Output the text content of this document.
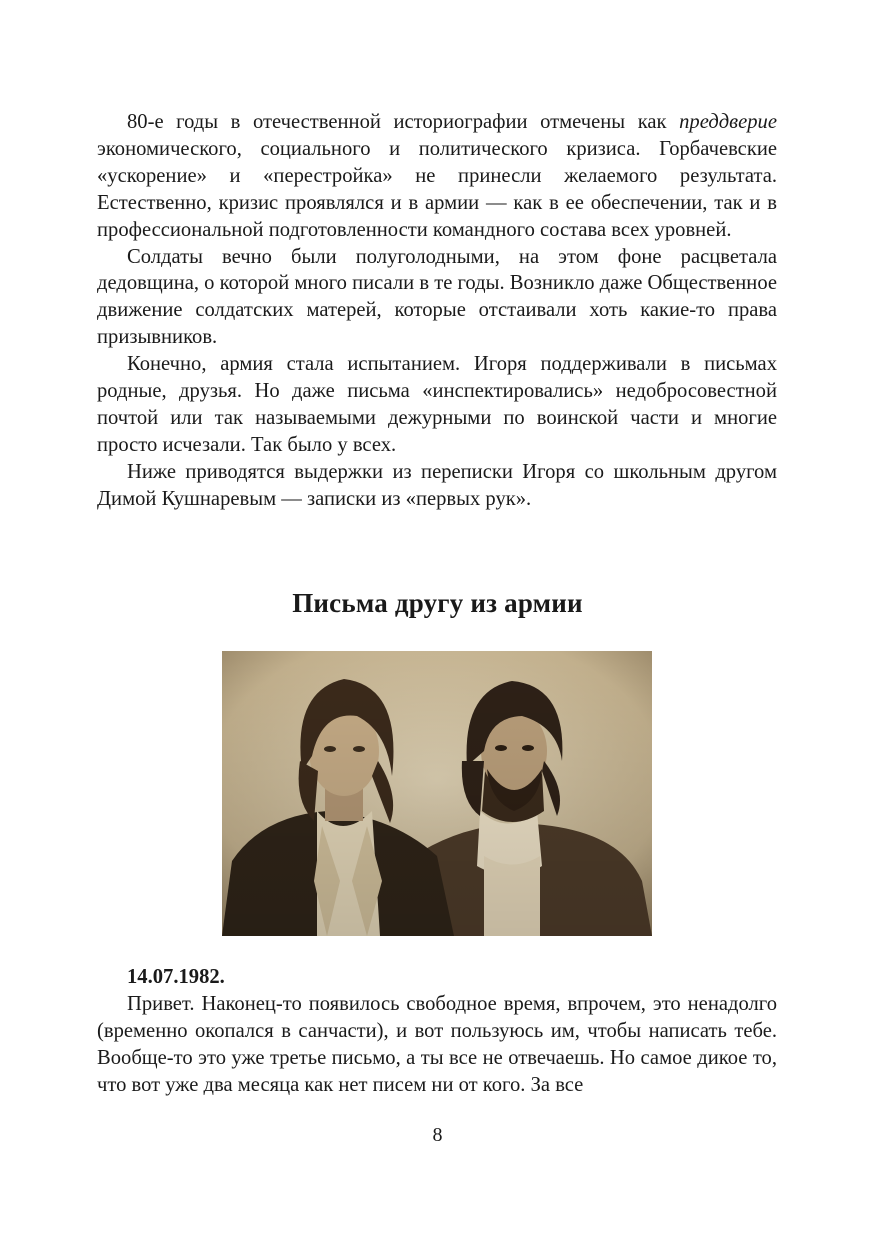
80-е годы в отечественной историографии отмечены как преддверие экономического, социального и политического кризиса. Горбачевские «ускорение» и «перестройка» не принесли желаемого результата. Естественно, кризис проявлялся и в армии — как в ее обеспечении, так и в профессиональной подготовленности командного состава всех уровней.

Солдаты вечно были полуголодными, на этом фоне расцветала дедовщина, о которой много писали в те годы. Возникло даже Общественное движение солдатских матерей, которые отстаивали хоть какие-то права призывников.

Конечно, армия стала испытанием. Игоря поддерживали в письмах родные, друзья. Но даже письма «инспектировались» недобросовестной почтой или так называемыми дежурными по воинской части и многие просто исчезали. Так было у всех.

Ниже приводятся выдержки из переписки Игоря со школьным другом Димой Кушнаревым — записки из «первых рук».

Письма другу из армии

14.07.1982.

Привет. Наконец-то появилось свободное время, впрочем, это ненадолго (временно окопался в санчасти), и вот пользуюсь им, чтобы написать тебе. Вообще-то это уже третье письмо, а ты все не отвечаешь. Но самое дикое то, что вот уже два месяца как нет писем ни от кого. За все

8
